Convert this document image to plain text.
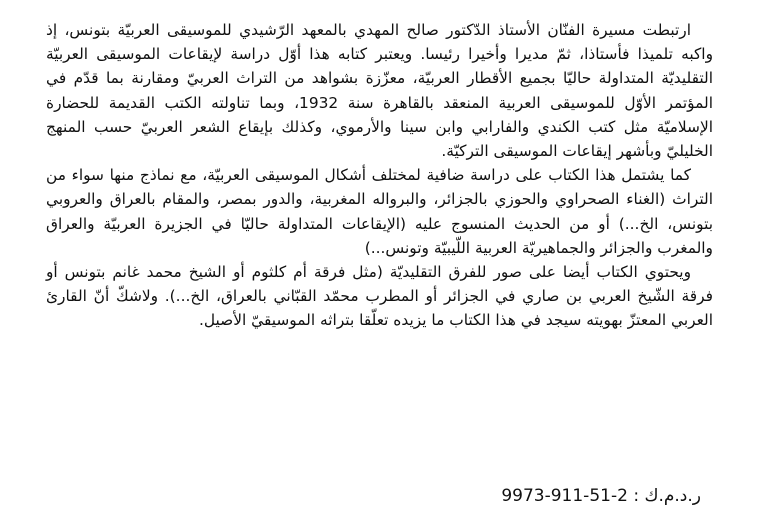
ارتبطت مسيرة الفنّان الأستاذ الدّكتور صالح المهدي بالمعهد الرّشيدي للموسيقى العربيّة بتونس، إذ واكبه تلميذا فأستاذا، ثمّ مديرا وأخيرا رئيسا. ويعتبر كتابه هذا أوّل دراسة لإيقاعات الموسيقى العربيّة التقليديّة المتداولة حاليّا بجميع الأقطار العربيّة، معزّزة بشواهد من التراث العربيّ ومقارنة بما قدّم في المؤتمر الأوّل للموسيقى العربية المنعقد بالقاهرة سنة 1932، وبما تناولته الكتب القديمة للحضارة الإسلاميّة مثل كتب الكندي والفارابي وابن سينا والأرموي، وكذلك بإيقاع الشعر العربيّ حسب المنهج الخليليّ وبأشهر إيقاعات الموسيقى التركيّة.

كما يشتمل هذا الكتاب على دراسة ضافية لمختلف أشكال الموسيقى العربيّة، مع نماذج منها سواء من التراث (الغناء الصحراوي والحوزي بالجزائر، والبرواله المغربية، والدور بمصر، والمقام بالعراق والعروبي بتونس، الخ...) أو من الحديث المنسوج عليه (الإيقاعات المتداولة حاليّا في الجزيرة العربيّة والعراق والمغرب والجزائر والجماهيريّة العربية اللّيبيّة وتونس...)

ويحتوي الكتاب أيضا على صور للفرق التقليديّة (مثل فرقة أم كلثوم أو الشيخ محمد غانم بتونس أو فرقة الشّيخ العربي بن صاري في الجزائر أو المطرب محمّد القبّاني بالعراق، الخ...). ولاشكّ أنّ القارئ العربي المعتزّ بهويته سيجد في هذا الكتاب ما يزيده تعلّقا بتراثه الموسيقيّ الأصيل.

ر.د.م.ك : 2-51-911-9973
